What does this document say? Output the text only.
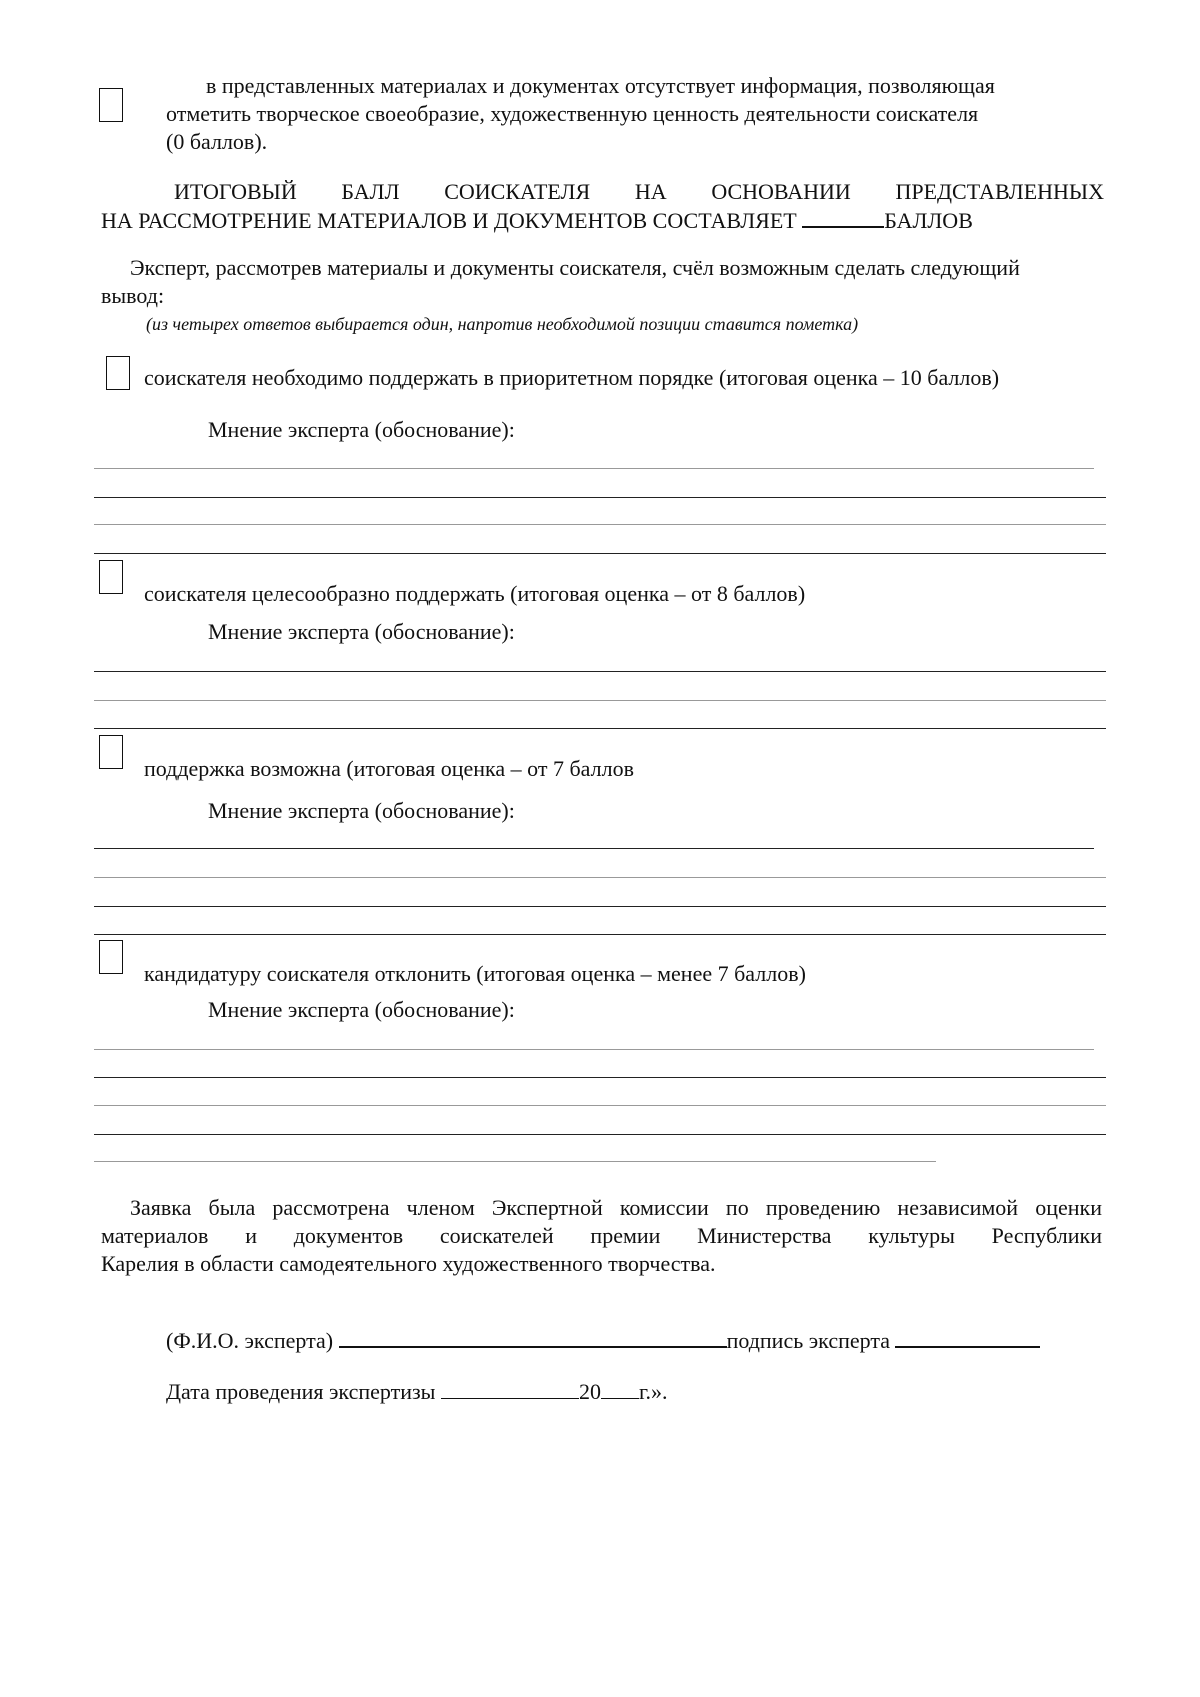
в представленных материалах и документах отсутствует информация, позволяющая
отметить творческое своеобразие, художественную ценность деятельности соискателя
(0 баллов).
ИТОГОВЫЙ БАЛЛ СОИСКАТЕЛЯ НА ОСНОВАНИИ ПРЕДСТАВЛЕННЫХ
НА РАССМОТРЕНИЕ МАТЕРИАЛОВ И ДОКУМЕНТОВ СОСТАВЛЯЕТ	БАЛЛОВ
Эксперт, рассмотрев материалы и документы соискателя, счёл возможным сделать следующий
вывод:
(из четырех ответов выбирается один, напротив необходимой позиции ставится пометка)
соискателя необходимо поддержать в приоритетном порядке (итоговая оценка – 10 баллов)
Мнение эксперта (обоснование):
соискателя целесообразно поддержать (итоговая оценка – от 8 баллов)
Мнение эксперта (обоснование):
поддержка возможна (итоговая оценка – от 7 баллов
Мнение эксперта (обоснование):
кандидатуру соискателя отклонить (итоговая оценка – менее 7 баллов)
Мнение эксперта (обоснование):
Заявка была рассмотрена членом Экспертной комиссии по проведению независимой оценки
материалов и документов соискателей премии Министерства культуры Республики
Карелия в области самодеятельного художественного творчества.
(Ф.И.О. эксперта)	подпись эксперта
Дата проведения экспертизы	20 г.».
